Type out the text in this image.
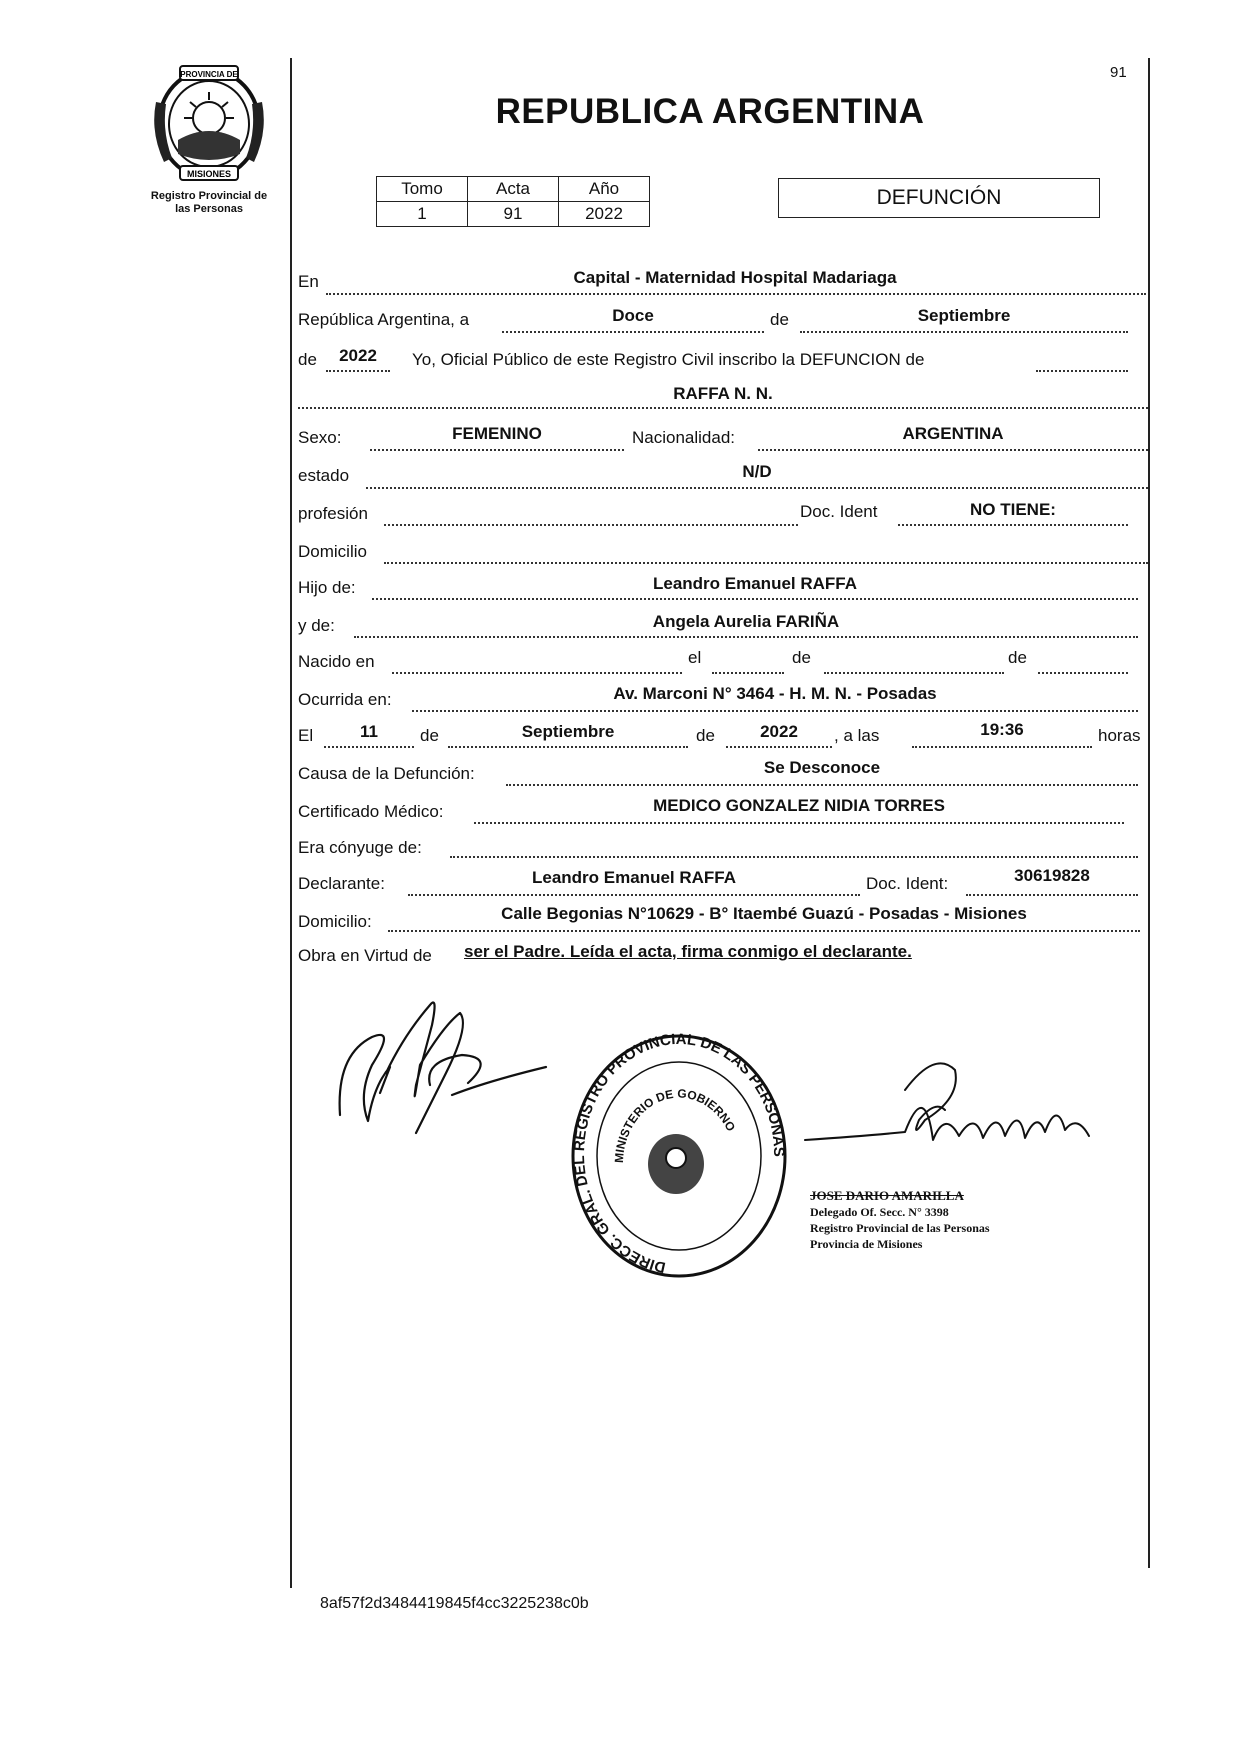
PROVINCIA DE
MISIONES
Registro Provincial de
las Personas
91
REPUBLICA ARGENTINA
Tomo	Acta	Año
1	91	2022
DEFUNCIÓN
En	Capital - Maternidad Hospital Madariaga
República Argentina, a	Doce	de	Septiembre
de	2022	Yo, Oficial Público de este Registro Civil inscribo la DEFUNCION de
RAFFA N. N.
Sexo:	FEMENINO	Nacionalidad:	ARGENTINA
estado	N/D
profesión	Doc. Ident	NO TIENE:
Domicilio
Hijo de:	Leandro Emanuel RAFFA
y de:	Angela Aurelia FARIÑA
Nacido en	el	de	de
Ocurrida en:	Av. Marconi N° 3464 - H. M. N. - Posadas
El	11	de	Septiembre	de	2022	, a las	19:36	horas
Causa de la Defunción:	Se Desconoce
Certificado Médico:	MEDICO GONZALEZ NIDIA TORRES
Era cónyuge de:
Declarante:	Leandro Emanuel RAFFA	Doc. Ident:	30619828
Domicilio:	Calle Begonias N°10629 - B° Itaembé Guazú - Posadas - Misiones
Obra en Virtud de ser el Padre. Leída el acta, firma conmigo el declarante.
DIRECC. GRAL. DEL REGISTRO PROVINCIAL DE LAS PERSONAS
MINISTERIO DE GOBIERNO
JOSE DARIO AMARILLA
Delegado Of. Secc. N° 3398
Registro Provincial de las Personas
Provincia de Misiones
8af57f2d3484419845f4cc3225238c0b
